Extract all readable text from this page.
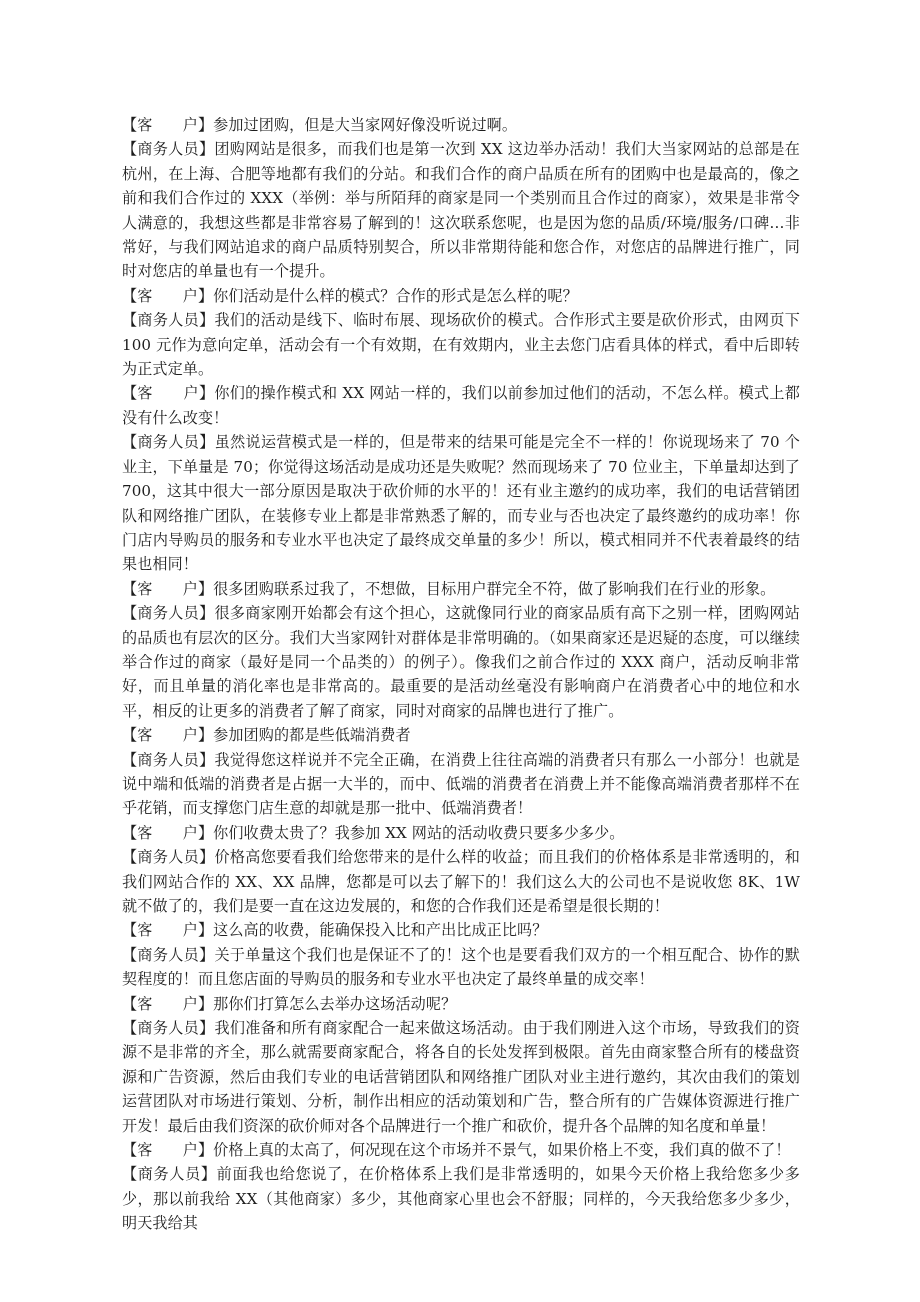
【客　　户】参加过团购，但是大当家网好像没听说过啊。

【商务人员】团购网站是很多，而我们也是第一次到 XX 这边举办活动！我们大当家网站的总部是在杭州，在上海、合肥等地都有我们的分站。和我们合作的商户品质在所有的团购中也是最高的，像之前和我们合作过的 XXX（举例：举与所陌拜的商家是同一个类别而且合作过的商家），效果是非常令人满意的，我想这些都是非常容易了解到的！这次联系您呢，也是因为您的品质/环境/服务/口碑…非常好，与我们网站追求的商户品质特别契合，所以非常期待能和您合作，对您店的品牌进行推广，同时对您店的单量也有一个提升。

【客　　户】你们活动是什么样的模式？合作的形式是怎么样的呢？

【商务人员】我们的活动是线下、临时布展、现场砍价的模式。合作形式主要是砍价形式，由网页下 100 元作为意向定单，活动会有一个有效期，在有效期内，业主去您门店看具体的样式，看中后即转为正式定单。

【客　　户】你们的操作模式和 XX 网站一样的，我们以前参加过他们的活动，不怎么样。模式上都没有什么改变！

【商务人员】虽然说运营模式是一样的，但是带来的结果可能是完全不一样的！你说现场来了 70 个业主，下单量是 70；你觉得这场活动是成功还是失败呢？然而现场来了 70 位业主，下单量却达到了 700，这其中很大一部分原因是取决于砍价师的水平的！还有业主邀约的成功率，我们的电话营销团队和网络推广团队，在装修专业上都是非常熟悉了解的，而专业与否也决定了最终邀约的成功率！你门店内导购员的服务和专业水平也决定了最终成交单量的多少！所以，模式相同并不代表着最终的结果也相同！

【客　　户】很多团购联系过我了，不想做，目标用户群完全不符，做了影响我们在行业的形象。

【商务人员】很多商家刚开始都会有这个担心，这就像同行业的商家品质有高下之别一样，团购网站的品质也有层次的区分。我们大当家网针对群体是非常明确的。（如果商家还是迟疑的态度，可以继续举合作过的商家（最好是同一个品类的）的例子）。像我们之前合作过的 XXX 商户，活动反响非常好，而且单量的消化率也是非常高的。最重要的是活动丝毫没有影响商户在消费者心中的地位和水平，相反的让更多的消费者了解了商家，同时对商家的品牌也进行了推广。

【客　　户】参加团购的都是些低端消费者

【商务人员】我觉得您这样说并不完全正确，在消费上往往高端的消费者只有那么一小部分！也就是说中端和低端的消费者是占据一大半的，而中、低端的消费者在消费上并不能像高端消费者那样不在乎花销，而支撑您门店生意的却就是那一批中、低端消费者！

【客　　户】你们收费太贵了？我参加 XX 网站的活动收费只要多少多少。

【商务人员】价格高您要看我们给您带来的是什么样的收益；而且我们的价格体系是非常透明的，和我们网站合作的 XX、XX 品牌，您都是可以去了解下的！我们这么大的公司也不是说收您 8K、1W 就不做了的，我们是要一直在这边发展的，和您的合作我们还是希望是很长期的！

【客　　户】这么高的收费，能确保投入比和产出比成正比吗？

【商务人员】关于单量这个我们也是保证不了的！这个也是要看我们双方的一个相互配合、协作的默契程度的！而且您店面的导购员的服务和专业水平也决定了最终单量的成交率！

【客　　户】那你们打算怎么去举办这场活动呢？

【商务人员】我们准备和所有商家配合一起来做这场活动。由于我们刚进入这个市场，导致我们的资源不是非常的齐全，那么就需要商家配合，将各自的长处发挥到极限。首先由商家整合所有的楼盘资源和广告资源，然后由我们专业的电话营销团队和网络推广团队对业主进行邀约，其次由我们的策划运营团队对市场进行策划、分析，制作出相应的活动策划和广告，整合所有的广告媒体资源进行推广开发！最后由我们资深的砍价师对各个品牌进行一个推广和砍价，提升各个品牌的知名度和单量！

【客　　户】价格上真的太高了，何况现在这个市场并不景气，如果价格上不变，我们真的做不了！

【商务人员】前面我也给您说了，在价格体系上我们是非常透明的，如果今天价格上我给您多少多少，那以前我给 XX（其他商家）多少，其他商家心里也会不舒服；同样的，今天我给您多少多少，明天我给其
